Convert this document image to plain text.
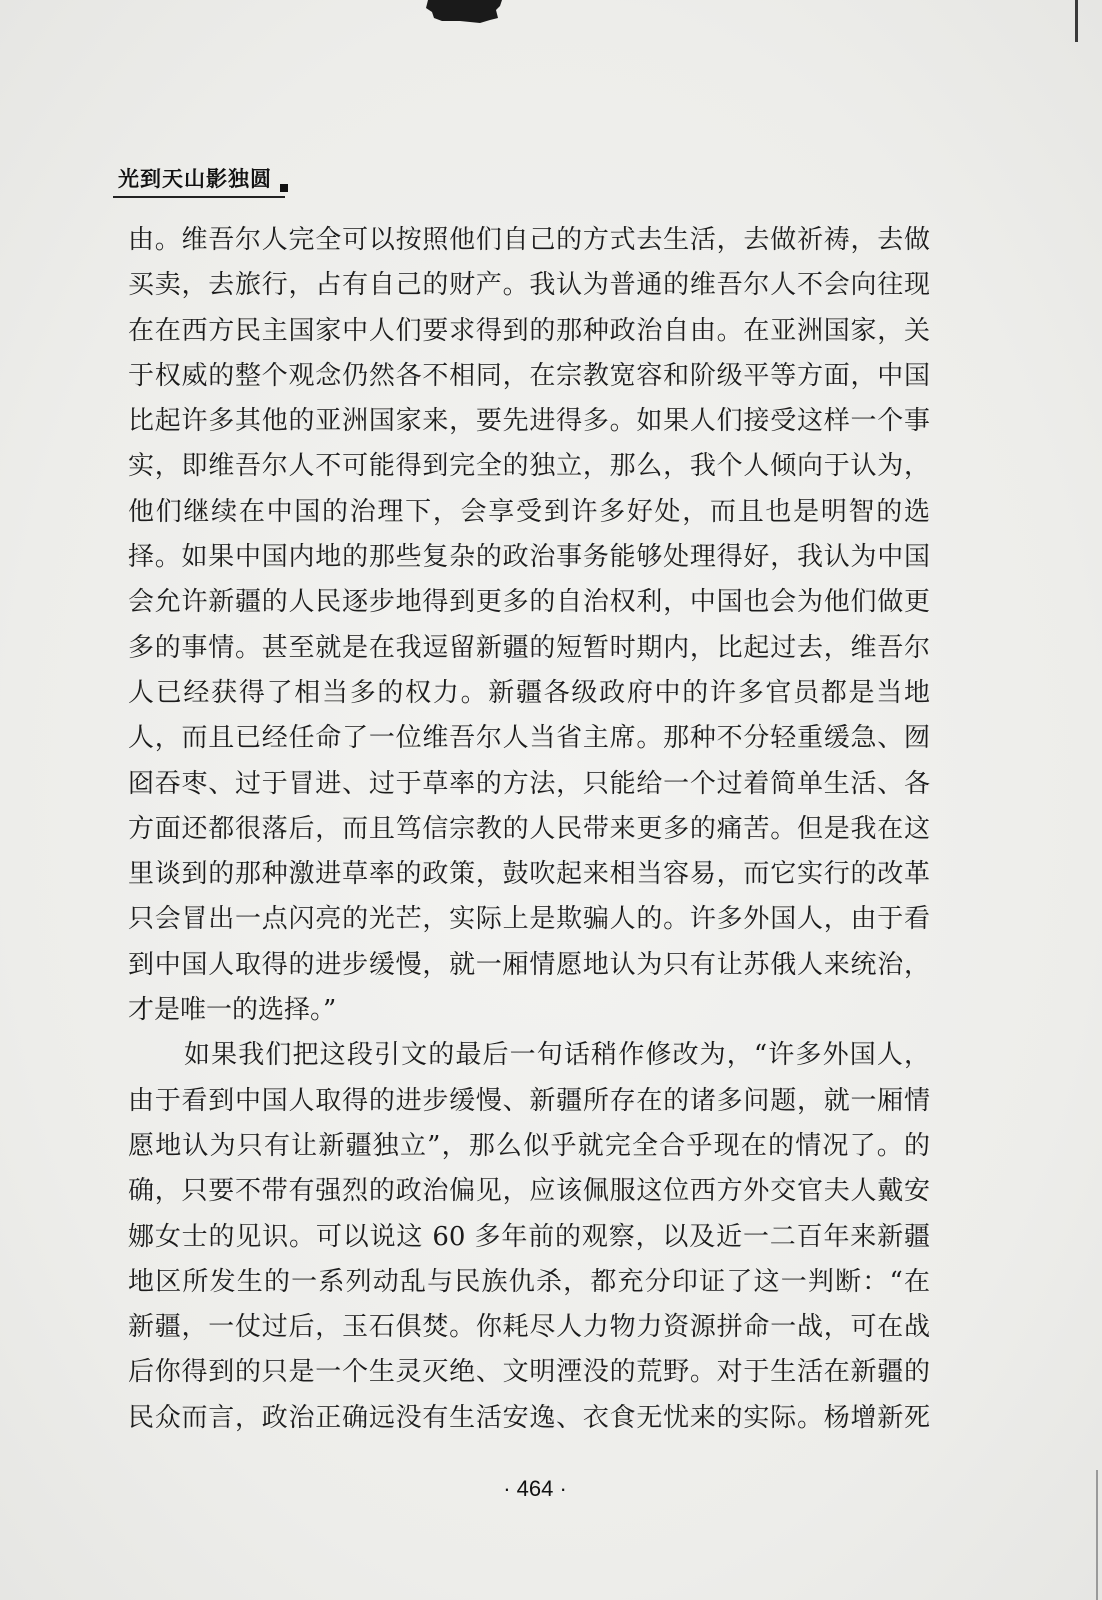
光到天山影独圆
由。维吾尔人完全可以按照他们自己的方式去生活，去做祈祷，去做
买卖，去旅行，占有自己的财产。我认为普通的维吾尔人不会向往现
在在西方民主国家中人们要求得到的那种政治自由。在亚洲国家，关
于权威的整个观念仍然各不相同，在宗教宽容和阶级平等方面，中国
比起许多其他的亚洲国家来，要先进得多。如果人们接受这样一个事
实，即维吾尔人不可能得到完全的独立，那么，我个人倾向于认为，
他们继续在中国的治理下，会享受到许多好处，而且也是明智的选
择。如果中国内地的那些复杂的政治事务能够处理得好，我认为中国
会允许新疆的人民逐步地得到更多的自治权利，中国也会为他们做更
多的事情。甚至就是在我逗留新疆的短暂时期内，比起过去，维吾尔
人已经获得了相当多的权力。新疆各级政府中的许多官员都是当地
人，而且已经任命了一位维吾尔人当省主席。那种不分轻重缓急、囫
囵吞枣、过于冒进、过于草率的方法，只能给一个过着简单生活、各
方面还都很落后，而且笃信宗教的人民带来更多的痛苦。但是我在这
里谈到的那种激进草率的政策，鼓吹起来相当容易，而它实行的改革
只会冒出一点闪亮的光芒，实际上是欺骗人的。许多外国人，由于看
到中国人取得的进步缓慢，就一厢情愿地认为只有让苏俄人来统治，
才是唯一的选择。”
如果我们把这段引文的最后一句话稍作修改为，“许多外国人，
由于看到中国人取得的进步缓慢、新疆所存在的诸多问题，就一厢情
愿地认为只有让新疆独立”，那么似乎就完全合乎现在的情况了。的
确，只要不带有强烈的政治偏见，应该佩服这位西方外交官夫人戴安
娜女士的见识。可以说这 60 多年前的观察，以及近一二百年来新疆
地区所发生的一系列动乱与民族仇杀，都充分印证了这一判断：“在
新疆，一仗过后，玉石俱焚。你耗尽人力物力资源拼命一战，可在战
后你得到的只是一个生灵灭绝、文明湮没的荒野。对于生活在新疆的
民众而言，政治正确远没有生活安逸、衣食无忧来的实际。杨增新死
· 464 ·
